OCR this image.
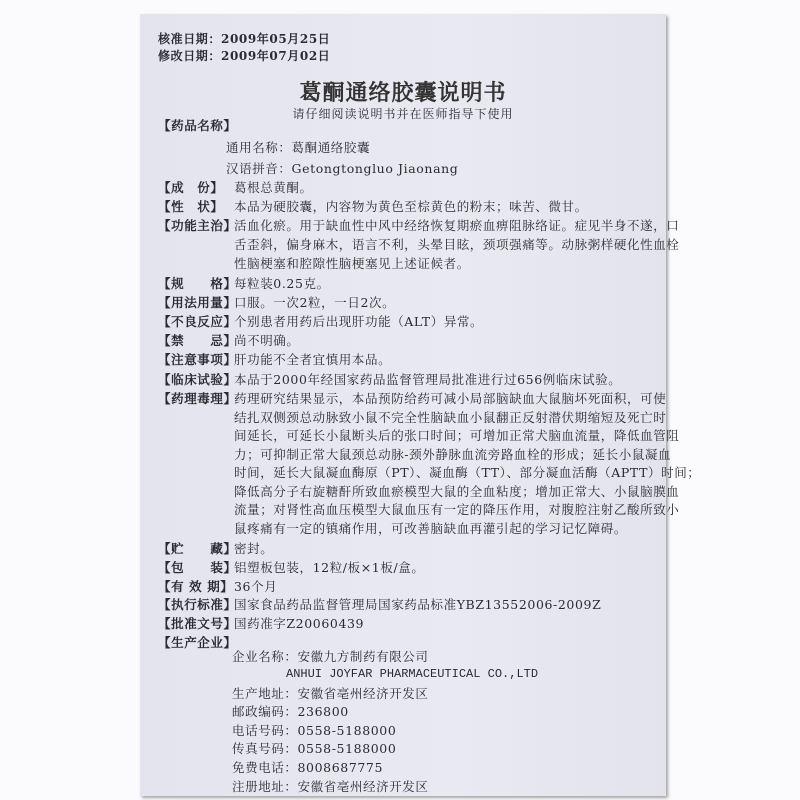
核准日期：2009年05月25日
修改日期：2009年07月02日
葛酮通络胶囊说明书
请仔细阅读说明书并在医师指导下使用
【药品名称】
通用名称：葛酮通络胶囊
汉语拼音：Getongtongluo Jiaonang
【成　份】 葛根总黄酮。
【性　状】 本品为硬胶囊，内容物为黄色至棕黄色的粉末；味苦、微甘。
【功能主治】
活血化瘀。用于缺血性中风中经络恢复期瘀血痹阻脉络证。症见半身不遂，口
舌歪斜，偏身麻木，语言不利，头晕目眩，颈项强痛等。动脉粥样硬化性血栓
性脑梗塞和腔隙性脑梗塞见上述证候者。
【规　　格】
每粒装0.25克。
【用法用量】
口服。一次2粒，一日2次。
【不良反应】
个别患者用药后出现肝功能（ALT）异常。
【禁　　忌】
尚不明确。
【注意事项】
肝功能不全者宜慎用本品。
【临床试验】
本品于2000年经国家药品监督管理局批准进行过656例临床试验。
【药理毒理】
药理研究结果显示，本品预防给药可减小局部脑缺血大鼠脑坏死面积，可使
结扎双侧颈总动脉致小鼠不完全性脑缺血小鼠翻正反射潜伏期缩短及死亡时
间延长，可延长小鼠断头后的张口时间；可增加正常犬脑血流量，降低血管阻
力；可抑制正常大鼠颈总动脉-颈外静脉血流旁路血栓的形成；延长小鼠凝血
时间，延长大鼠凝血酶原（PT）、凝血酶（TT）、部分凝血活酶（APTT）时间；
降低高分子右旋糖酐所致血瘀模型大鼠的全血粘度；增加正常大、小鼠脑膜血
流量；对肾性高血压模型大鼠血压有一定的降压作用，对腹腔注射乙酸所致小
鼠疼痛有一定的镇痛作用，可改善脑缺血再灌引起的学习记忆障碍。
【贮　　藏】
密封。
【包　　装】
铝塑板包装，12粒/板×1板/盒。
【有 效 期】 36个月
【执行标准】
国家食品药品监督管理局国家药品标准YBZ13552006-2009Z
【批准文号】
国药准字Z20060439
【生产企业】
企业名称：安徽九方制药有限公司
ANHUI JOYFAR PHARMACEUTICAL CO.,LTD
生产地址：安徽省亳州经济开发区
邮政编码：236800
电话号码：0558-5188000
传真号码：0558-5188000
免费电话：8008687775
注册地址：安徽省亳州经济开发区
